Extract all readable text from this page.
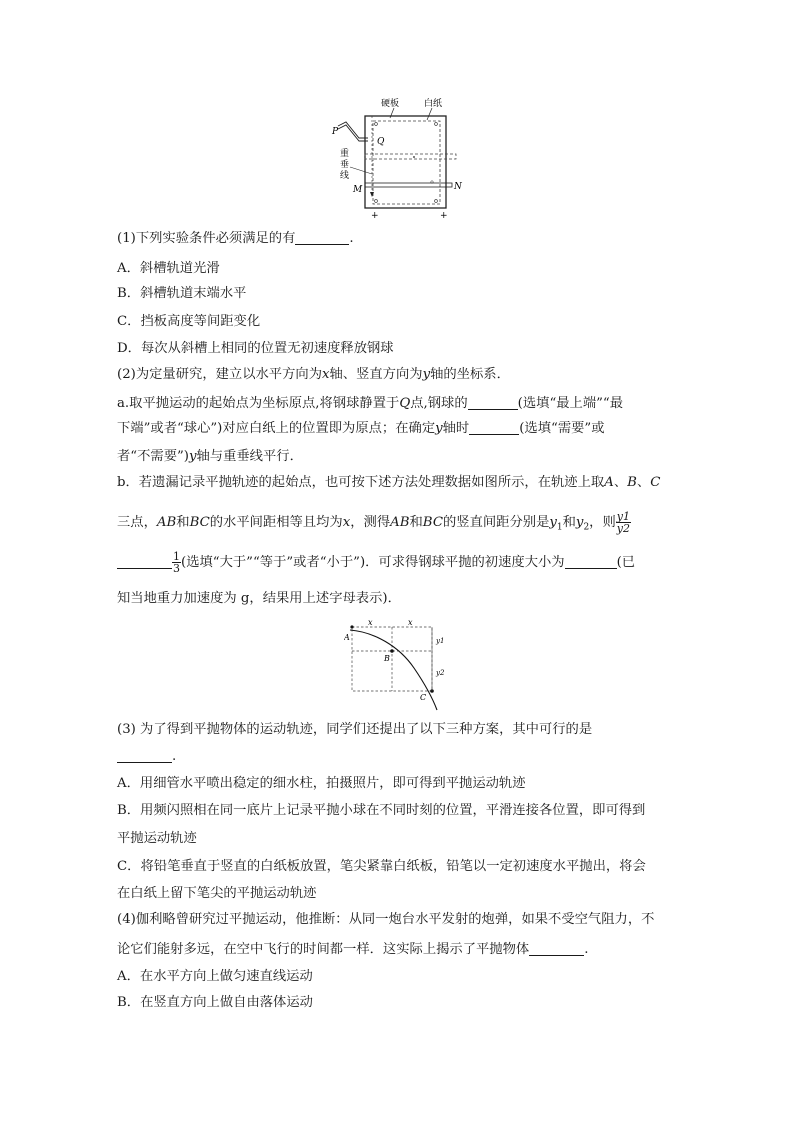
硬板	白纸
P
Q
重
垂
线
M	N
+	+
(1)下列实验条件必须满足的有	.
A．斜槽轨道光滑
B．斜槽轨道末端水平
C．挡板高度等间距变化
D．每次从斜槽上相同的位置无初速度释放钢球
(2)为定量研究，建立以水平方向为x轴、竖直方向为y轴的坐标系．
a.取平抛运动的起始点为坐标原点,将钢球静置于Q点,钢球的	(选填“最上端”“最
下端”或者“球心”)对应白纸上的位置即为原点；在确定y轴时	(选填“需要”或
者“不需要”)y轴与重垂线平行．
b．若遗漏记录平抛轨迹的起始点，也可按下述方法处理数据如图所示，在轨迹上取A、B、C
三点，AB和BC的水平间距相等且均为x，测得AB和BC的竖直间距分别是$y_1$和$y_2$，则 $\frac{y1}{y2}$
$\frac{1}{3}$ (选填“大于”“等于”或者“小于”)．可求得钢球平抛的初速度大小为	(已
知当地重力加速度为 g，结果用上述字母表示)．
x	x
y1
y2
A
B
C
(3) 为了得到平抛物体的运动轨迹，同学们还提出了以下三种方案，其中可行的是
.
A．用细管水平喷出稳定的细水柱，拍摄照片，即可得到平抛运动轨迹
B．用频闪照相在同一底片上记录平抛小球在不同时刻的位置，平滑连接各位置，即可得到
平抛运动轨迹
C．将铅笔垂直于竖直的白纸板放置，笔尖紧靠白纸板，铅笔以一定初速度水平抛出，将会
在白纸上留下笔尖的平抛运动轨迹
(4)伽利略曾研究过平抛运动，他推断：从同一炮台水平发射的炮弹，如果不受空气阻力，不
论它们能射多远，在空中飞行的时间都一样．这实际上揭示了平抛物体	.
A．在水平方向上做匀速直线运动
B．在竖直方向上做自由落体运动
